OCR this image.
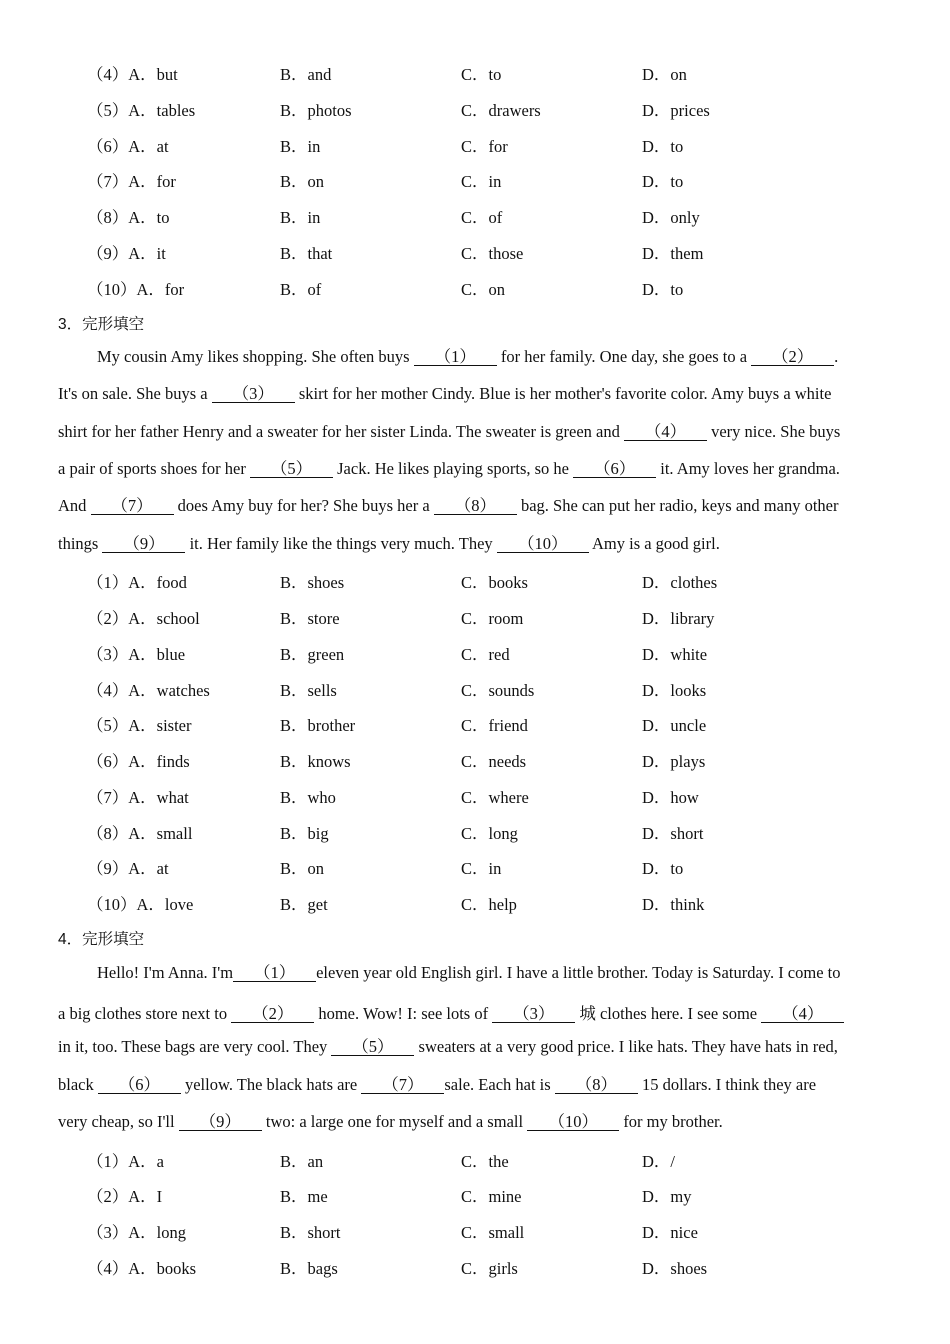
（4）A．but	B．and	C．to	D．on
（5）A．tables	B．photos	C．drawers	D．prices
（6）A．at	B．in	C．for	D．to
（7）A．for	B．on	C．in	D．to
（8）A．to	B．in	C．of	D．only
（9）A．it	B．that	C．those	D．them
（10）A．for	B．of	C．on	D．to
3．完形填空
My cousin Amy likes shopping. She often buys （1） for her family. One day, she goes to a （2） .
It's on sale. She buys a （3） skirt for her mother Cindy. Blue is her mother's favorite color. Amy buys a white
shirt for her father Henry and a sweater for her sister Linda. The sweater is green and （4） very nice. She buys
a pair of sports shoes for her （5） Jack. He likes playing sports, so he （6） it. Amy loves her grandma.
And （7） does Amy buy for her? She buys her a （8） bag. She can put her radio, keys and many other
things （9） it. Her family like the things very much. They （10） Amy is a good girl.
（1）A．food	B．shoes	C．books	D．clothes
（2）A．school	B．store	C．room	D．library
（3）A．blue	B．green	C．red	D．white
（4）A．watches	B．sells	C．sounds	D．looks
（5）A．sister	B．brother	C．friend	D．uncle
（6）A．finds	B．knows	C．needs	D．plays
（7）A．what	B．who	C．where	D．how
（8）A．small	B．big	C．long	D．short
（9）A．at	B．on	C．in	D．to
（10）A．love	B．get	C．help	D．think
4．完形填空
Hello! I'm Anna. I'm （1） eleven year old English girl. I have a little brother. Today is Saturday. I come to
a big clothes store next to （2） home. Wow! I: see lots of （3） 城 clothes here. I see some （4）
in it, too. These bags are very cool. They （5） sweaters at a very good price. I like hats. They have hats in red,
black （6） yellow. The black hats are （7） sale. Each hat is （8） 15 dollars. I think they are
very cheap, so I'll （9） two: a large one for myself and a small （10） for my brother.
（1）A．a	B．an	C．the	D．/
（2）A．I	B．me	C．mine	D．my
（3）A．long	B．short	C．small	D．nice
（4）A．books	B．bags	C．girls	D．shoes
